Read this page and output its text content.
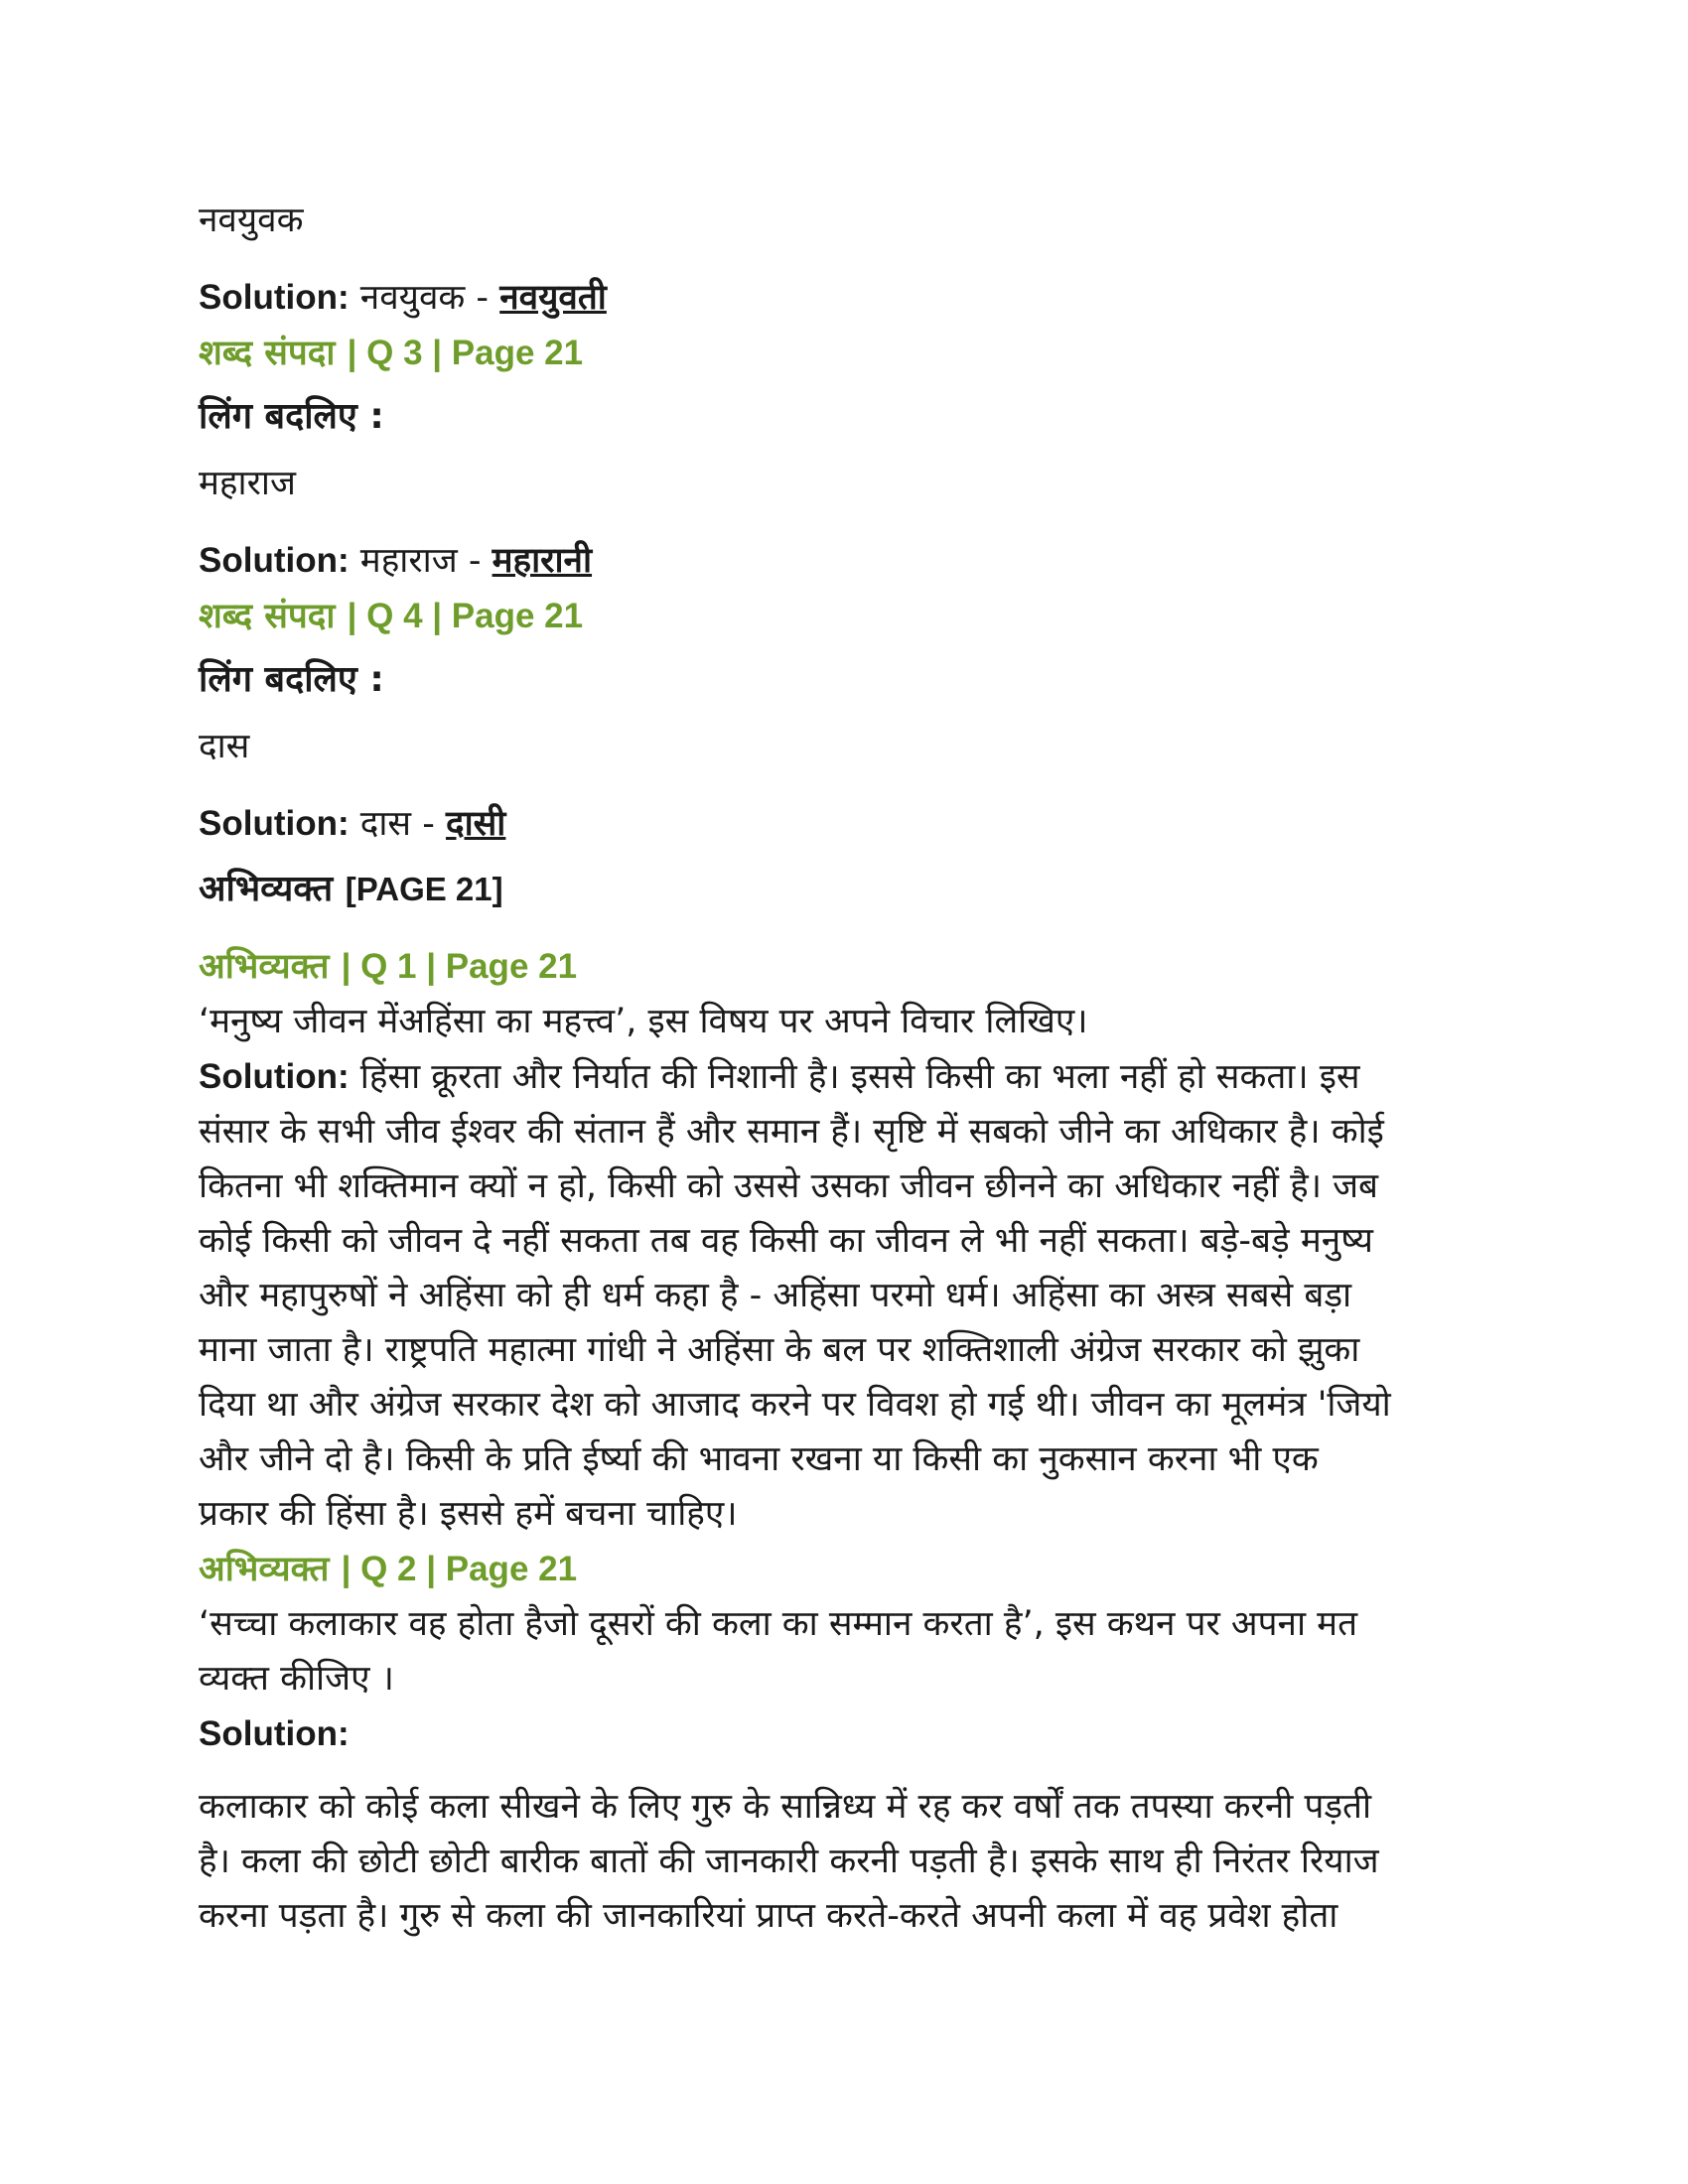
नवयुवक

Solution: नवयुवक - नवयुवती

शब्द संपदा | Q 3 | Page 21

लिंग बदलिए :

महाराज

Solution: महाराज - महारानी

शब्द संपदा | Q 4 | Page 21

लिंग बदलिए :

दास

Solution: दास - दासी

अभिव्यक्त [PAGE 21]

अभिव्यक्त | Q 1 | Page 21

‘मनुष्य जीवन मेंअहिंसा का महत्त्व’, इस विषय पर अपने विचार लिखिए।

Solution: हिंसा क्रूरता और निर्यात की निशानी है। इससे किसी का भला नहीं हो सकता। इस

संसार के सभी जीव ईश्वर की संतान हैं और समान हैं। सृष्टि में सबको जीने का अधिकार है। कोई

कितना भी शक्तिमान क्यों न हो, किसी को उससे उसका जीवन छीनने का अधिकार नहीं है। जब

कोई किसी को जीवन दे नहीं सकता तब वह किसी का जीवन ले भी नहीं सकता। बड़े-बड़े मनुष्य

और महापुरुषों ने अहिंसा को ही धर्म कहा है - अहिंसा परमो धर्म। अहिंसा का अस्त्र सबसे बड़ा

माना जाता है। राष्ट्रपति महात्मा गांधी ने अहिंसा के बल पर शक्तिशाली अंग्रेज सरकार को झुका

दिया था और अंग्रेज सरकार देश को आजाद करने पर विवश हो गई थी। जीवन का मूलमंत्र 'जियो

और जीने दो है। किसी के प्रति ईर्ष्या की भावना रखना या किसी का नुकसान करना भी एक

प्रकार की हिंसा है। इससे हमें बचना चाहिए।

अभिव्यक्त | Q 2 | Page 21

‘सच्चा कलाकार वह होता हैजो दूसरों की कला का सम्मान करता है’, इस कथन पर अपना मत

व्यक्त कीजिए ।

Solution:

कलाकार को कोई कला सीखने के लिए गुरु के सान्निध्य में रह कर वर्षों तक तपस्या करनी पड़ती

है। कला की छोटी छोटी बारीक बातों की जानकारी करनी पड़ती है। इसके साथ ही निरंतर रियाज

करना पड़ता है। गुरु से कला की जानकारियां प्राप्त करते-करते अपनी कला में वह प्रवेश होता
